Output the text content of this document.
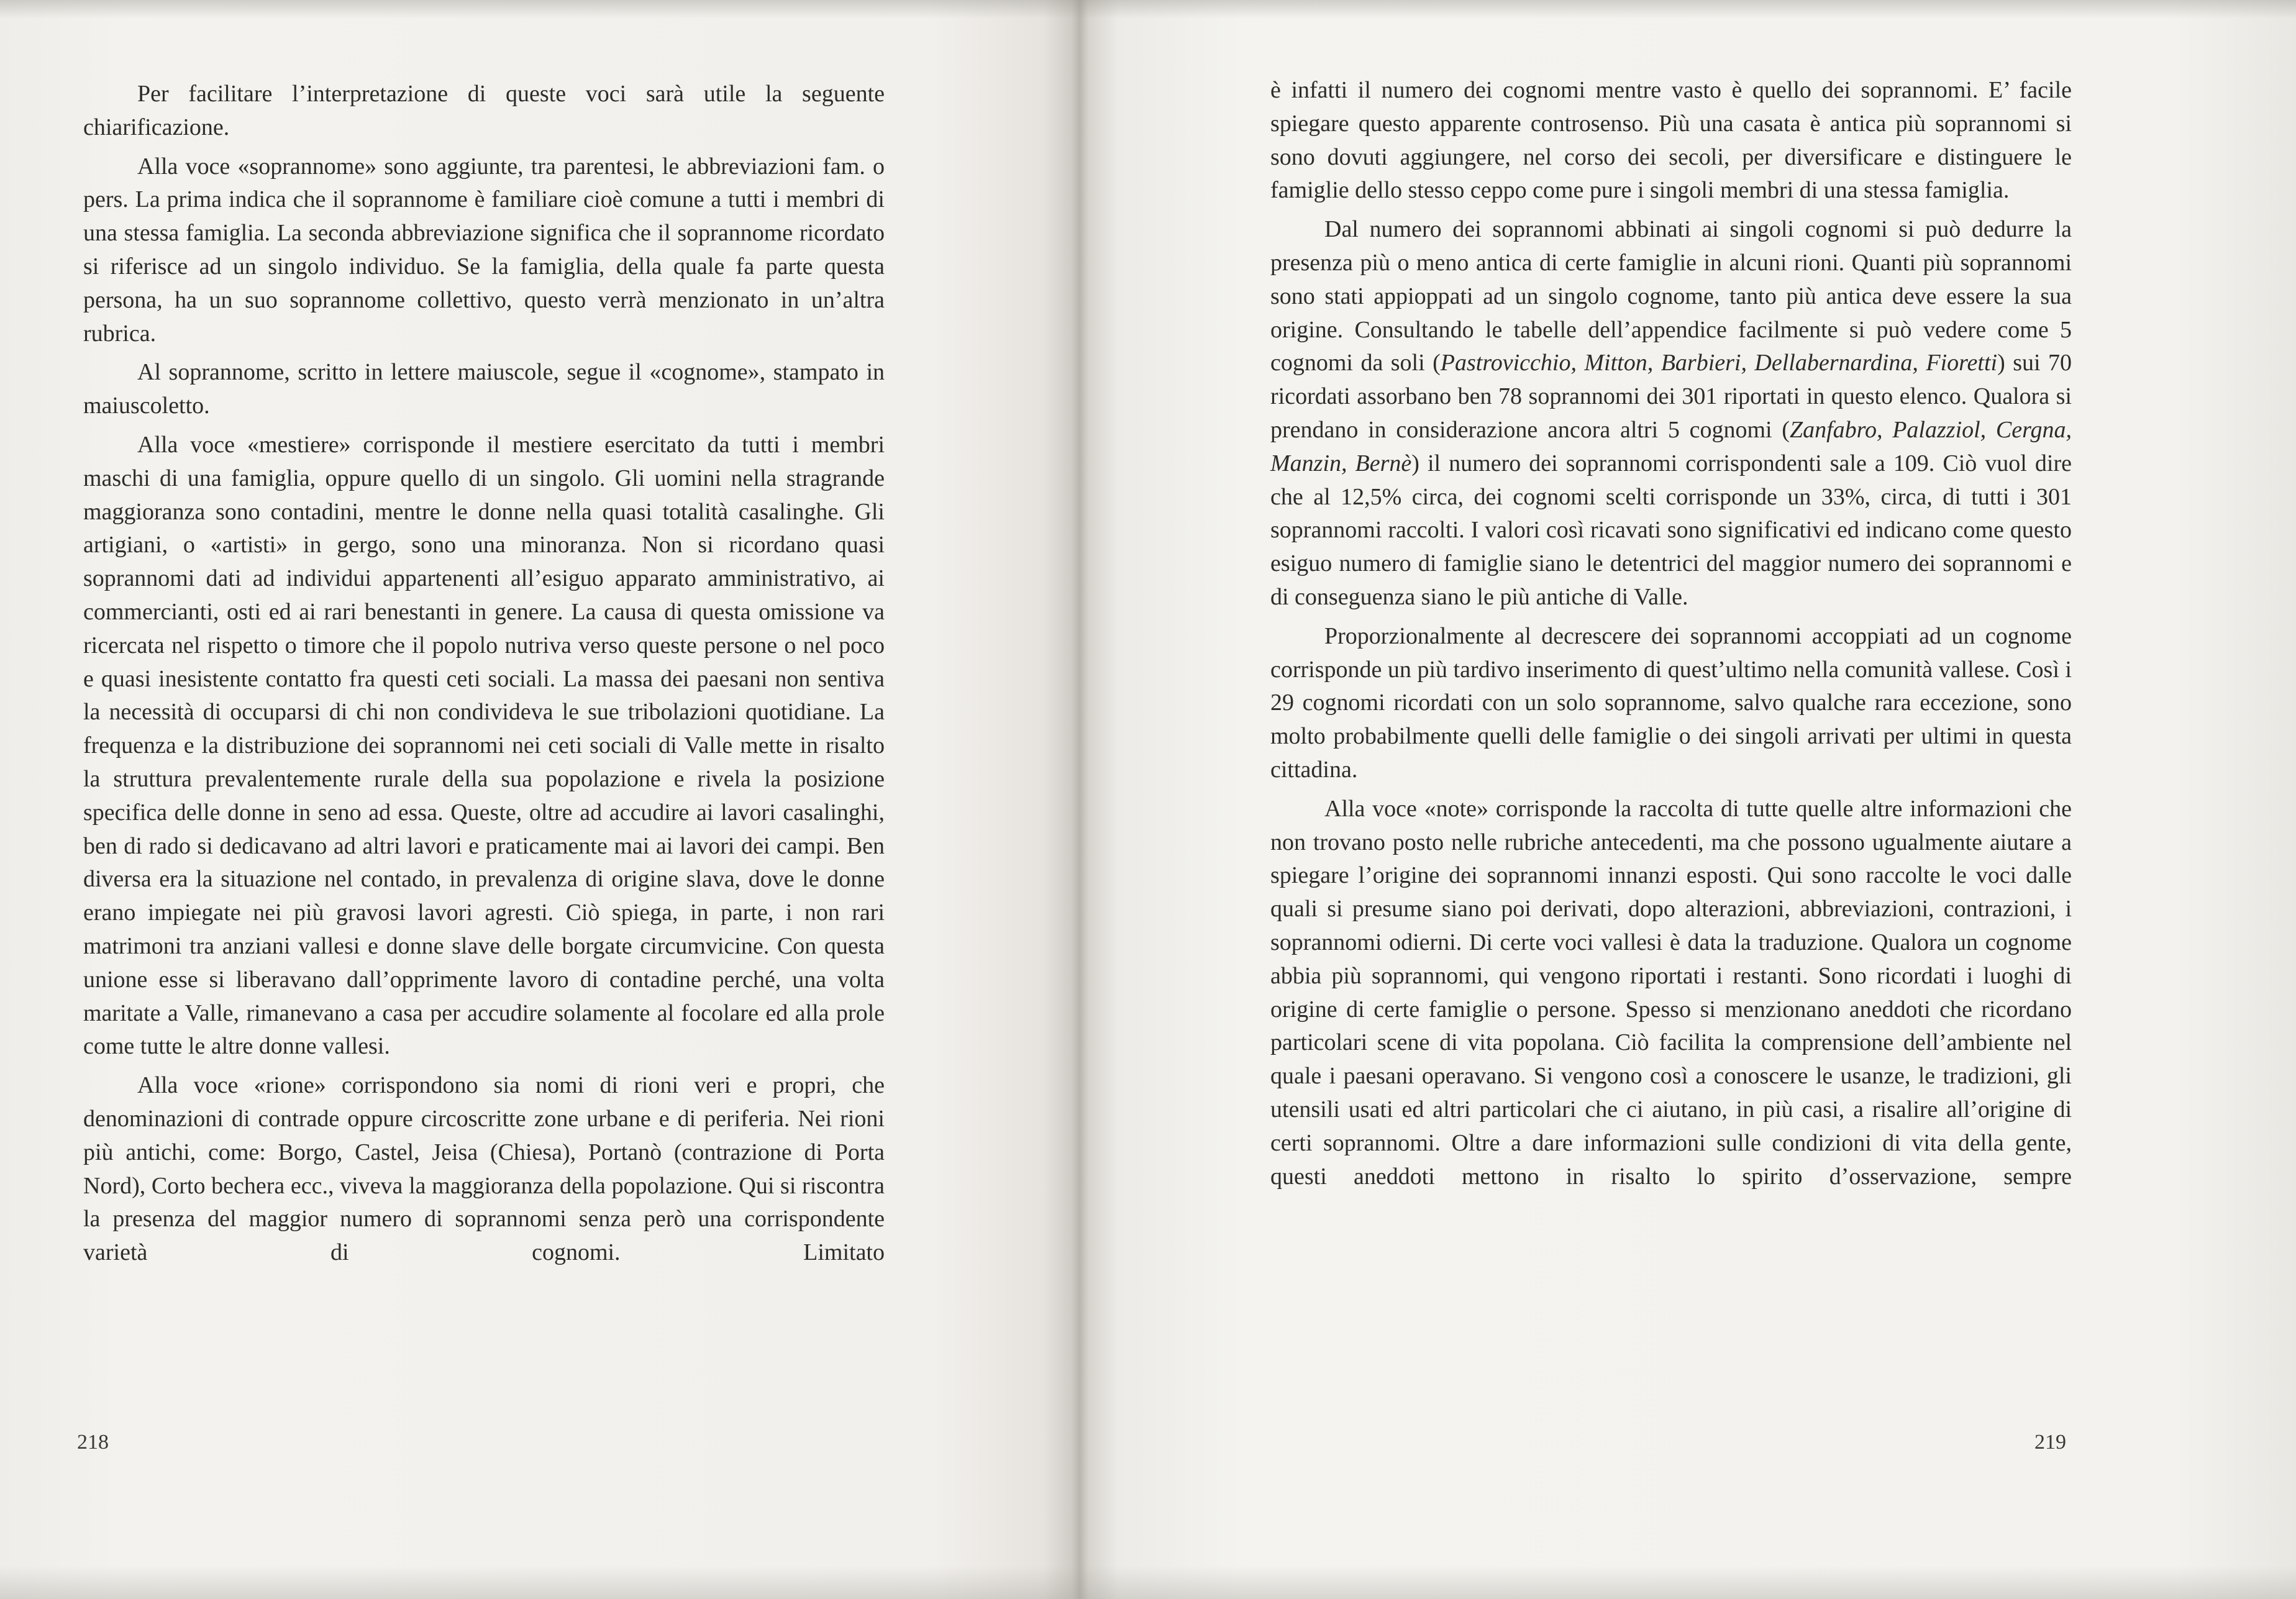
Per facilitare l’interpretazione di queste voci sarà utile la seguente chiarificazione.

Alla voce «soprannome» sono aggiunte, tra parentesi, le abbreviazioni fam. o pers. La prima indica che il soprannome è familiare cioè comune a tutti i membri di una stessa famiglia. La seconda abbreviazione significa che il soprannome ricordato si riferisce ad un singolo individuo. Se la famiglia, della quale fa parte questa persona, ha un suo soprannome collettivo, questo verrà menzionato in un’altra rubrica.

Al soprannome, scritto in lettere maiuscole, segue il «cognome», stampato in maiuscoletto.

Alla voce «mestiere» corrisponde il mestiere esercitato da tutti i membri maschi di una famiglia, oppure quello di un singolo. Gli uomini nella stragrande maggioranza sono contadini, mentre le donne nella quasi totalità casalinghe. Gli artigiani, o «artisti» in gergo, sono una minoranza. Non si ricordano quasi soprannomi dati ad individui appartenenti all’esiguo apparato amministrativo, ai commercianti, osti ed ai rari benestanti in genere. La causa di questa omissione va ricercata nel rispetto o timore che il popolo nutriva verso queste persone o nel poco e quasi inesistente contatto fra questi ceti sociali. La massa dei paesani non sentiva la necessità di occuparsi di chi non condivideva le sue tribolazioni quotidiane. La frequenza e la distribuzione dei soprannomi nei ceti sociali di Valle mette in risalto la struttura prevalentemente rurale della sua popolazione e rivela la posizione specifica delle donne in seno ad essa. Queste, oltre ad accudire ai lavori casalinghi, ben di rado si dedicavano ad altri lavori e praticamente mai ai lavori dei campi. Ben diversa era la situazione nel contado, in prevalenza di origine slava, dove le donne erano impiegate nei più gravosi lavori agresti. Ciò spiega, in parte, i non rari matrimoni tra anziani vallesi e donne slave delle borgate circumvicine. Con questa unione esse si liberavano dall’opprimente lavoro di contadine perché, una volta maritate a Valle, rimanevano a casa per accudire solamente al focolare ed alla prole come tutte le altre donne vallesi.

Alla voce «rione» corrispondono sia nomi di rioni veri e propri, che denominazioni di contrade oppure circoscritte zone urbane e di periferia. Nei rioni più antichi, come: Borgo, Castel, Jeisa (Chiesa), Portanò (contrazione di Porta Nord), Corto bechera ecc., viveva la maggioranza della popolazione. Qui si riscontra la presenza del maggior numero di soprannomi senza però una corrispondente varietà di cognomi. Limitato

218

è infatti il numero dei cognomi mentre vasto è quello dei soprannomi. E’ facile spiegare questo apparente controsenso. Più una casata è antica più soprannomi si sono dovuti aggiungere, nel corso dei secoli, per diversificare e distinguere le famiglie dello stesso ceppo come pure i singoli membri di una stessa famiglia.

Dal numero dei soprannomi abbinati ai singoli cognomi si può dedurre la presenza più o meno antica di certe famiglie in alcuni rioni. Quanti più soprannomi sono stati appioppati ad un singolo cognome, tanto più antica deve essere la sua origine. Consultando le tabelle dell’appendice facilmente si può vedere come 5 cognomi da soli (Pastrovicchio, Mitton, Barbieri, Dellabernardina, Fioretti) sui 70 ricordati assorbano ben 78 soprannomi dei 301 riportati in questo elenco. Qualora si prendano in considerazione ancora altri 5 cognomi (Zanfabro, Palazziol, Cergna, Manzin, Bernè) il numero dei soprannomi corrispondenti sale a 109. Ciò vuol dire che al 12,5% circa, dei cognomi scelti corrisponde un 33%, circa, di tutti i 301 soprannomi raccolti. I valori così ricavati sono significativi ed indicano come questo esiguo numero di famiglie siano le detentrici del maggior numero dei soprannomi e di conseguenza siano le più antiche di Valle.

Proporzionalmente al decrescere dei soprannomi accoppiati ad un cognome corrisponde un più tardivo inserimento di quest’ultimo nella comunità vallese. Così i 29 cognomi ricordati con un solo soprannome, salvo qualche rara eccezione, sono molto probabilmente quelli delle famiglie o dei singoli arrivati per ultimi in questa cittadina.

Alla voce «note» corrisponde la raccolta di tutte quelle altre informazioni che non trovano posto nelle rubriche antecedenti, ma che possono ugualmente aiutare a spiegare l’origine dei soprannomi innanzi esposti. Qui sono raccolte le voci dalle quali si presume siano poi derivati, dopo alterazioni, abbreviazioni, contrazioni, i soprannomi odierni. Di certe voci vallesi è data la traduzione. Qualora un cognome abbia più soprannomi, qui vengono riportati i restanti. Sono ricordati i luoghi di origine di certe famiglie o persone. Spesso si menzionano aneddoti che ricordano particolari scene di vita popolana. Ciò facilita la comprensione dell’ambiente nel quale i paesani operavano. Si vengono così a conoscere le usanze, le tradizioni, gli utensili usati ed altri particolari che ci aiutano, in più casi, a risalire all’origine di certi soprannomi. Oltre a dare informazioni sulle condizioni di vita della gente, questi aneddoti mettono in risalto lo spirito d’osservazione, sempre

219
